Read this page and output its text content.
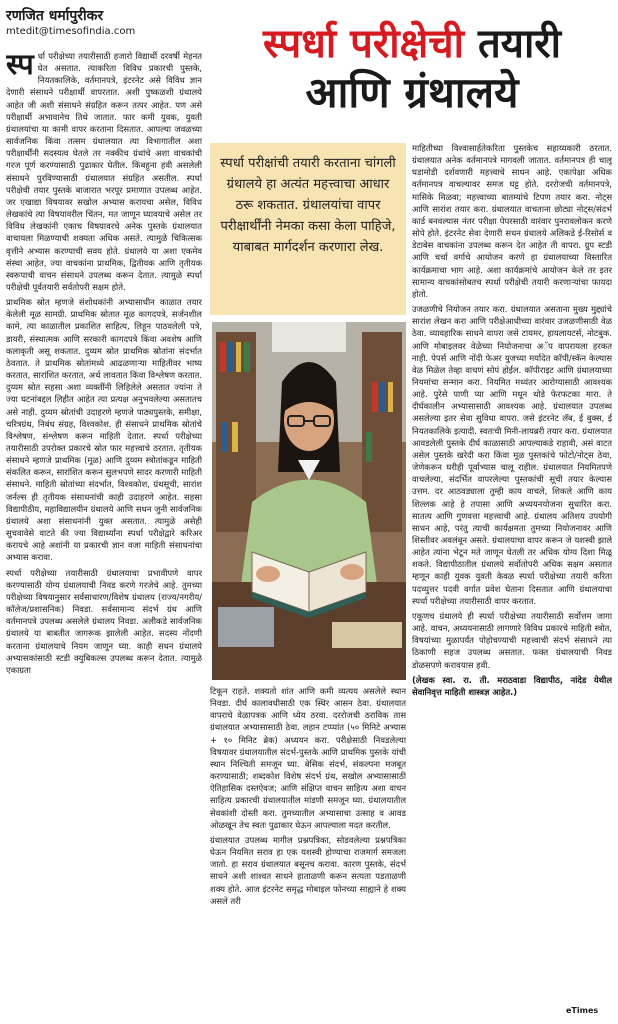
रणजित धर्मापुरीकर
mtedit@timesofindia.com	स्पर्धा परीक्षेची तयारी
आणि ग्रंथालये

स्प र्धा परीक्षेच्या तयारीसाठी हजारो विद्यार्थी दरवर्षी मेहनत घेत असतात. त्याकरिता विविध प्रकारची पुस्तके, नियतकालिके, वर्तमानपत्रे, इंटरनेट असे विविध ज्ञान देणारी संसाधने परीक्षार्थी वापरतात. अशी पुष्कळशी ग्रंथालये आहेत जी अशी संसाधने संग्रहित करून तत्पर आहेत. पण असे परीक्षार्थी अभावानेच तिथे जातात. फार कमी युवक, युवती ग्रंथालयांचा या कामी वापर करताना दिसतात. आपल्या जवळच्या सार्वजनिक किंवा तत्सम ग्रंथालयात त्या विभागातील अशा परीक्षार्थींनी सदस्यत्व घेतले तर नक्कीच ग्रंथांचे अशा वाचकांची गरज पूर्ण करण्यासाठी पुढाकार घेतील. किंबहुना हवी असलेली संसाधने पुरविण्यासाठी ग्रंथालयात संग्रहित असतील. स्पर्धा परीक्षेची तयार पुस्तके बाजारात भरपूर प्रमाणात उपलब्ध आहेत. जर एखाद्या विषयावर सखोल अभ्यास करायचा असेल, विविध लेखकांचे त्या विषयावरील चिंतन, मत जाणून घ्यावयाचे असेल तर विविध लेखकांनी एकाच विषयावरचे अनेक पुस्तके ग्रंथालयात वाचायला मिळण्याची शक्यता अधिक असते. त्यामुळे चिकित्सक वृत्तीने अभ्यास करण्याची सवय होते. ग्रंथालये या अशा एकमेव संस्था आहेत, ज्या वाचकांना प्राथमिक, द्वितीयक आणि तृतीयक स्वरूपाची वाचन संसाधने उपलब्ध करून देतात. त्यामुळे स्पर्धा परीक्षेची पूर्वतयारी सर्वतोपरी सक्षम होते.

प्राथमिक स्रोत म्हणजे संशोधकांनी अभ्यासाधीन काळात तयार केलेली मूळ सामग्री. प्राथमिक स्रोतात मूळ कागदपत्रे, सर्जनशील कामे, त्या काळातील प्रकाशित साहित्य, लिहून पाठवलेली पत्रे, डायरी, संस्थात्मक आणि सरकारी कागदपत्रे किंवा अवशेष आणि कलाकृती असू शकतात. दुय्यम स्रोत प्राथमिक स्रोतांना संदर्भात ठेवतात. ते प्राथमिक स्रोतांमध्ये आढळणाऱ्या माहितीवर भाष्य करतात, सारांशित करतात, अर्थ लावतात किंवा विश्लेषण करतात. दुय्यम स्रोत सहसा अशा व्यक्तींनी लिहिलेले असतात ज्यांना ते ज्या घटनांबद्दल लिहीत आहेत त्या प्रत्यक्ष अनुभवलेल्या असतातच असे नाही. दुय्यम स्रोतांची उदाहरणे म्हणजे पाठ्यपुस्तके, समीक्षा, चरित्रग्रंथ, निबंध संग्रह, विश्वकोश. ही संसाधने प्राथमिक स्रोतांचे विश्लेषण, संश्लेषण करून माहिती देतात. स्पर्धा परीक्षेच्या तयारीसाठी उपरोक्त प्रकारचे स्रोत फार महत्त्वाचे ठरतात. तृतीयक संसाधने म्हणजे प्राथमिक (मूळ) आणि दुय्यम स्त्रोतांकडून माहिती संकलित करून, सारांशित करून सुलभपणे सादर करणारी माहिती संसाधने. माहिती स्रोतांच्या संदर्भात, विश्वकोश, ग्रंथसूची, सारांश जर्नल्स ही तृतीयक संसाधनांची काही उदाहरणे आहेत. सहसा विद्यापीठीय, महाविद्यालयीन ग्रंथालये आणि सधन जुनी सार्वजनिक ग्रंथालये अशा संसाधनांनी युक्त असतात. त्यामुळे असेही सुचवावेसे वाटते की ज्या विद्यार्थ्यांना स्पर्धा परीक्षेद्वारे करिअर करायचे आहे अशांनी या प्रकारची ज्ञान वजा माहिती संसाधनांचा अभ्यास करावा.

स्पर्धा परीक्षेच्या तयारीसाठी ग्रंथालयाचा प्रभावीपणे वापर करण्यासाठी योग्य ग्रंथालयाची निवड करणे गरजेचे आहे. तुमच्या परीक्षेच्या विषयानुसार सर्वसाधारण/विशेष ग्रंथालय (राज्य/नगरीय/कॉलेज/प्रशासनिक) निवडा. सर्वसामान्य संदर्भ ग्रंथ आणि वर्तमानपत्रे उपलब्ध असलेले ग्रंथालय निवडा. अलीकडे सार्वजनिक ग्रंथालये या बाबतीत जागरूक झालेली आहेत. सदस्य नोंदणी करताना ग्रंथालयाचे नियम जाणून घ्या. काही सधन ग्रंथालये अभ्यासकांसाठी स्टडी क्युबिकल्स उपलब्ध करून देतात. त्यामुळे एकाग्रता

स्पर्धा परीक्षांची तयारी करताना चांगली ग्रंथालये हा अत्यंत महत्त्वाचा आधार ठरू शकतात. ग्रंथालयांचा वापर परीक्षार्थींनी नेमका कसा केला पाहिजे, याबाबत मार्गदर्शन करणारा लेख.

टिकून राहते. शक्यतो शांत आणि कमी व्यत्यय असलेले स्थान निवडा. दीर्घ कालावधीसाठी एक स्थिर आसन ठेवा. ग्रंथालयात वापराचे वेळापत्रक आणि ध्येय ठरवा. दररोजची ठराविक तास ग्रंथालयात अभ्यासासाठी ठेवा. लहान टप्प्यांत (५० मिनिटे अभ्यास + १० मिनिट ब्रेक) अध्ययन करा. परीक्षेसाठी निवडलेल्या विषयावर ग्रंथालयातील संदर्भ-पुस्तके आणि प्राथमिक पुस्तके यांची स्थान निश्चिती समजून घ्या. बेसिक संदर्भ, संकल्पना मजबूत करण्यासाठी; शब्दकोश विशेष संदर्भ ग्रंथ, सखोल अभ्यासासाठी ऐतिहासिक दस्तऐवज; आणि संक्षिप्त वाचन साहित्य अशा वाचन साहित्य प्रकारची ग्रंथालयातील मांडणी समजून घ्या. ग्रंथालयातील सेवकांशी दोस्ती करा. तुमच्यातील अभ्यासाचा उत्साह व आवड ओळखून तेच स्वतः पुढाकार घेऊन आपल्याला मदत करतील.

ग्रंथालयात उपलब्ध मागील प्रश्नपत्रिका, सोडवलेल्या प्रश्नपत्रिका घेऊन नियमित सराव हा एक यशस्वी होण्याचा राजमार्ग समजला जातो. हा सराव ग्रंथालयात बसूनच करावा. कारण पुस्तके, संदर्भ साधने अशी शाश्वत साधने हाताळणी करून सत्यता पडताळणी शक्य होते. आज इंटरनेट समृद्ध मोबाइल फोनच्या साह्याने हे शक्य असले तरी

माहितीच्या विश्वासार्हतेकरिता पुस्तकेच सहाय्यकारी ठरतात. ग्रंथालयात अनेक वर्तमानपत्रे मागवली जातात. वर्तमानपत्र ही चालू घडामोडी दर्शवणारी महत्त्वाचे साधन आहे. एकापेक्षा अधिक वर्तमानपत्र वाचल्यावर समज घट्ट होते. दररोजची वर्तमानपत्रे, मासिके मिळवा; महत्त्वाच्या बातम्यांचे टिपण तयार करा. नोट्स आणि सारांश तयार करा. ग्रंथालयात वाचताना छोट्या नोट्स/संदर्भ कार्ड बनवल्यास नंतर परीक्षा पेपरसाठी वारंवार पुनरावलोकन करणे सोपे होते. इंटरनेट सेवा देणारी सधन ग्रंथालये अलिकडे ई-रिसोर्स व डेटाबेस वाचकांना उपलब्ध करून देत आहेत ती वापरा. ग्रुप स्टडी आणि चर्चा वर्गाचे आयोजन करणे हा ग्रंथालयाच्या विस्तारित कार्यक्रमाचा भाग आहे. अशा कार्यक्रमांचे आयोजन केले तर इतर सामान्य वाचकांसोबतच स्पर्धा परीक्षेची तयारी करणाऱ्यांचा फायदा होतो.

उजळणीचे नियोजन तयार करा. ग्रंथालयात असताना मुख्य मुद्द्यांचे सारांश लेखन करा आणि परीक्षेआधीच्या वारंवार उजळणीसाठी वेळ ठेवा. व्यावहारिक साधने वापरा जसे टायमर, हायलायटर्स, नोटबुक. आणि मोबाइलवर वेळेच्या नियोजनाचा अॅप वापरायला हरकत नाही. पेपर्स आणि नोंदी फेअर युजच्या मर्यादेत कॉपी/स्कॅन केल्यास वेळ मिळेल तेव्हा वाचणं सोपं होईल. कॉपीराइट आणि ग्रंथालयाच्या नियमांचा सन्मान करा. नियमित मध्यंतर आरोग्यासाठी आवश्यक आहे. पुरेसे पाणी प्या आणि मधून थोडे फेरफटका मारा. ते दीर्घकालीन अभ्यासासाठी आवश्यक आहे. ग्रंथालयात उपलब्ध असलेल्या इतर सेवा सुविधा वापरा. जसे इंटरनेट लॅब, ई बुक्स, ई नियतकालिके इत्यादी. स्वतःची मिनी-लायब्ररी तयार करा. ग्रंथालयात आवडलेली पुस्तके दीर्घ काळासाठी आपल्याकडे राहावी, असं वाटत असेल पुस्तके खरेदी करा किंवा मूळ पुस्तकांचे फोटो/नोट्स ठेवा, जेणेकरून घरीही पूर्वाभ्यास चालू राहील. ग्रंथालयात नियमितपणे वाचलेल्या, संदर्भित वापरलेल्या पुस्तकांची सूची तयार केल्यास उत्तम. दर आठवड्याला तुम्ही काय वाचले, शिकले आणि काय शिल्लक आहे हे तपासा आणि अध्ययनयोजना सुधारित करा. सातत्य आणि गुणवत्ता महत्त्वाची आहे. ग्रंथालय अतिशय उपयोगी साधन आहे, परंतु त्याची कार्यक्षमता तुमच्या नियोजनावर आणि शिस्तीवर अवलंबून असते. ग्रंथालयाचा वापर करून जे यशस्वी झाले आहेत त्यांना भेटून मते जाणून घेतली तर अधिक योग्य दिशा मिळू शकते. विद्यापीठातील ग्रंथालये सर्वोतोपरी अधिक सक्षम असतात म्हणून काही युवक युवती केवळ स्पर्धा परीक्षेच्या तयारी करिता पदव्युत्तर पदवी वर्गात प्रवेश घेताना दिसतात आणि ग्रंथालयाचा स्पर्धा परीक्षेच्या तयारीसाठी वापर करतात.

एकूणच ग्रंथालये ही स्पर्धा परीक्षेच्या तयारीसाठी सर्वोत्तम जागा आहे. वाचन, अध्ययनासाठी लागणारे विविध प्रकारचे माहिती स्त्रोत, विषयांच्या मुळापर्यंत पोहोचण्याची महत्त्वाची संदर्भ संसाधने त्या ठिकाणी सहज उपलब्ध असतात. फक्त ग्रंथालयाची निवड डोळसपणे करावयास हवी.

(लेखक स्वा. रा. ती. मराठवाडा विद्यापीठ, नांदेड येथील सेवानिवृत्त माहिती शास्त्रज्ञ आहेत.)

eTimes
